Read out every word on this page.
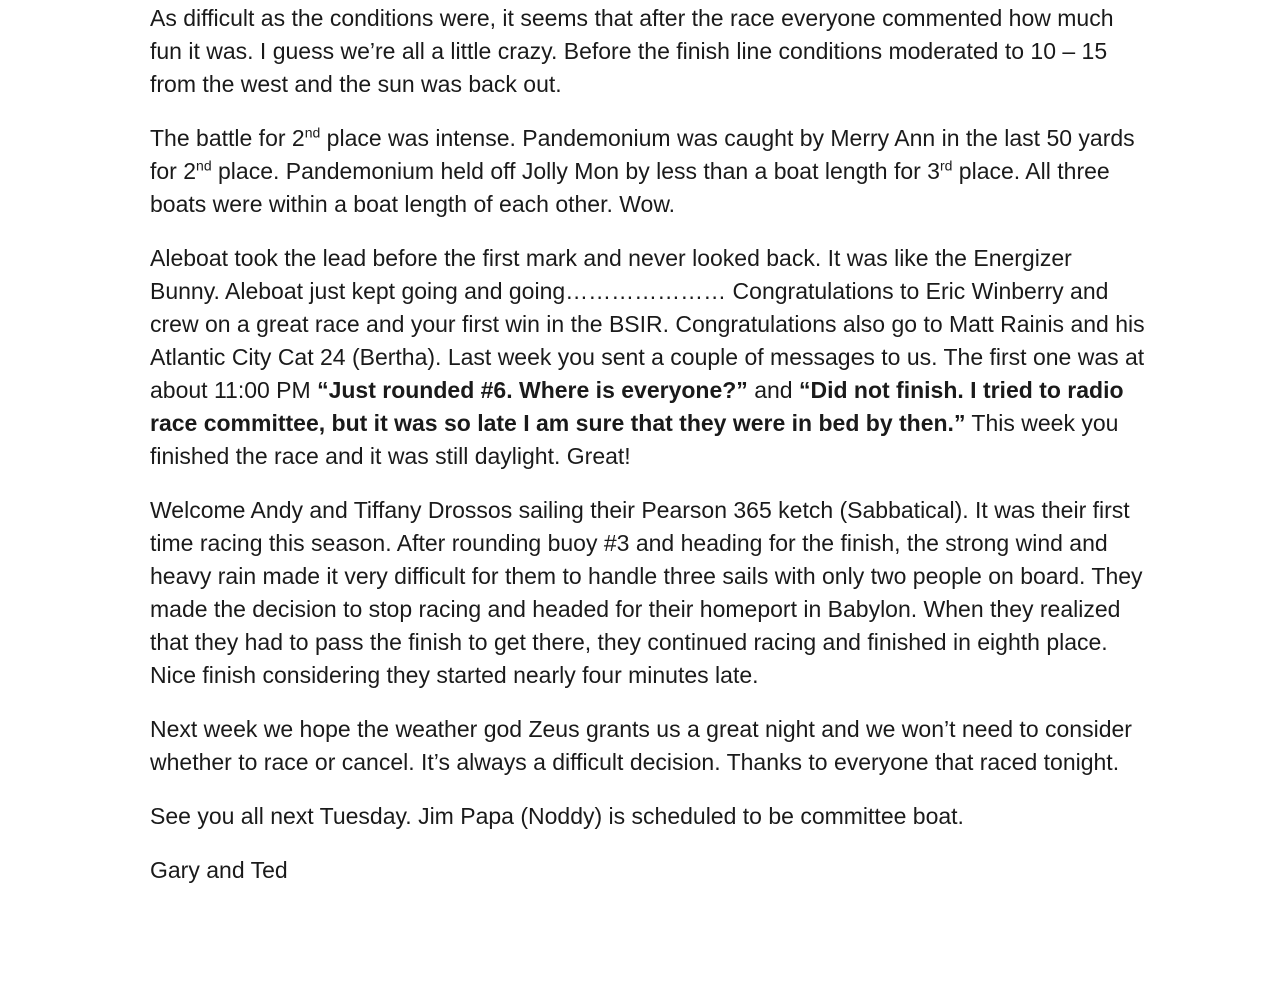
As difficult as the conditions were, it seems that after the race everyone commented how much fun it was. I guess we’re all a little crazy. Before the finish line conditions moderated to 10 – 15 from the west and the sun was back out.

The battle for 2nd place was intense. Pandemonium was caught by Merry Ann in the last 50 yards for 2nd place. Pandemonium held off Jolly Mon by less than a boat length for 3rd place. All three boats were within a boat length of each other. Wow.

Aleboat took the lead before the first mark and never looked back. It was like the Energizer Bunny. Aleboat just kept going and going………………… Congratulations to Eric Winberry and crew on a great race and your first win in the BSIR. Congratulations also go to Matt Rainis and his Atlantic City Cat 24 (Bertha). Last week you sent a couple of messages to us. The first one was at about 11:00 PM “Just rounded #6. Where is everyone?” and “Did not finish. I tried to radio race committee, but it was so late I am sure that they were in bed by then.” This week you finished the race and it was still daylight. Great!

Welcome Andy and Tiffany Drossos sailing their Pearson 365 ketch (Sabbatical). It was their first time racing this season. After rounding buoy #3 and heading for the finish, the strong wind and heavy rain made it very difficult for them to handle three sails with only two people on board. They made the decision to stop racing and headed for their homeport in Babylon. When they realized that they had to pass the finish to get there, they continued racing and finished in eighth place. Nice finish considering they started nearly four minutes late.

Next week we hope the weather god Zeus grants us a great night and we won’t need to consider whether to race or cancel. It’s always a difficult decision. Thanks to everyone that raced tonight.

See you all next Tuesday. Jim Papa (Noddy) is scheduled to be committee boat.

Gary and Ted
